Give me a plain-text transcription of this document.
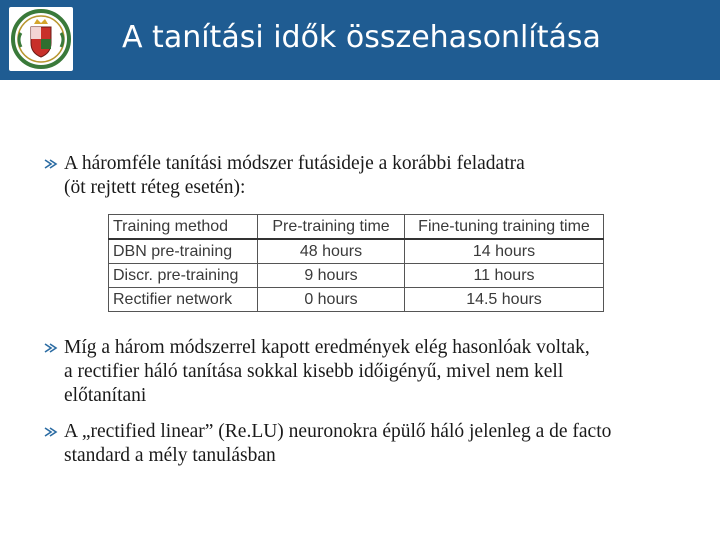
A tanítási idők összehasonlítása
A háromféle tanítási módszer futásideje a korábbi feladatra
(öt rejtett réteg esetén):
Training method	Pre-training time	Fine-tuning training time
DBN pre-training	48 hours	14 hours
Discr. pre-training	9 hours	11 hours
Rectifier network	0 hours	14.5 hours
Míg a három módszerrel kapott eredmények elég hasonlóak voltak,
a rectifier háló tanítása sokkal kisebb időigényű, mivel nem kell
előtanítani
A „rectified linear” (Re.LU) neuronokra épülő háló jelenleg a de facto
standard a mély tanulásban
